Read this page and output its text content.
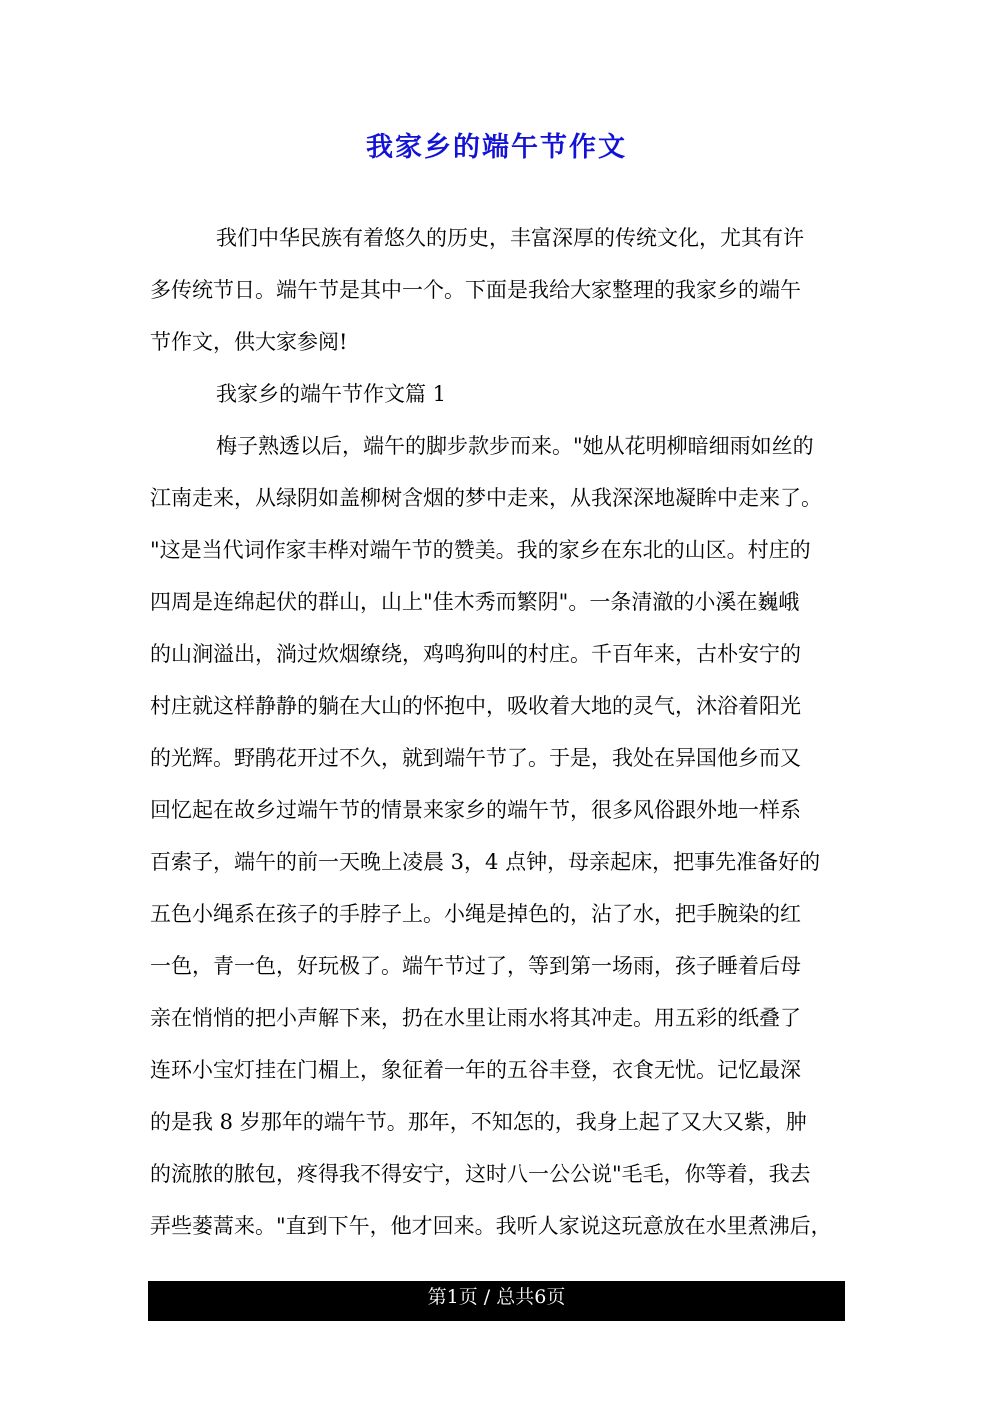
我家乡的端午节作文
我们中华民族有着悠久的历史，丰富深厚的传统文化，尤其有许
多传统节日。端午节是其中一个。下面是我给大家整理的我家乡的端午
节作文，供大家参阅!
我家乡的端午节作文篇 1
梅子熟透以后，端午的脚步款步而来。"她从花明柳暗细雨如丝的
江南走来，从绿阴如盖柳树含烟的梦中走来，从我深深地凝眸中走来了。
"这是当代词作家丰桦对端午节的赞美。我的家乡在东北的山区。村庄的
四周是连绵起伏的群山，山上"佳木秀而繁阴"。一条清澈的小溪在巍峨
的山涧溢出，淌过炊烟缭绕，鸡鸣狗叫的村庄。千百年来，古朴安宁的
村庄就这样静静的躺在大山的怀抱中，吸收着大地的灵气，沐浴着阳光
的光辉。野鹃花开过不久，就到端午节了。于是，我处在异国他乡而又
回忆起在故乡过端午节的情景来家乡的端午节，很多风俗跟外地一样系
百索子，端午的前一天晚上凌晨 3，4 点钟，母亲起床，把事先准备好的
五色小绳系在孩子的手脖子上。小绳是掉色的，沾了水，把手腕染的红
一色，青一色，好玩极了。端午节过了，等到第一场雨，孩子睡着后母
亲在悄悄的把小声解下来，扔在水里让雨水将其冲走。用五彩的纸叠了
连环小宝灯挂在门楣上，象征着一年的五谷丰登，衣食无忧。记忆最深
的是我 8 岁那年的端午节。那年，不知怎的，我身上起了又大又紫，肿
的流脓的脓包，疼得我不得安宁，这时八一公公说"毛毛，你等着，我去
弄些蒌蒿来。"直到下午，他才回来。我听人家说这玩意放在水里煮沸后，
第1页 / 总共6页
